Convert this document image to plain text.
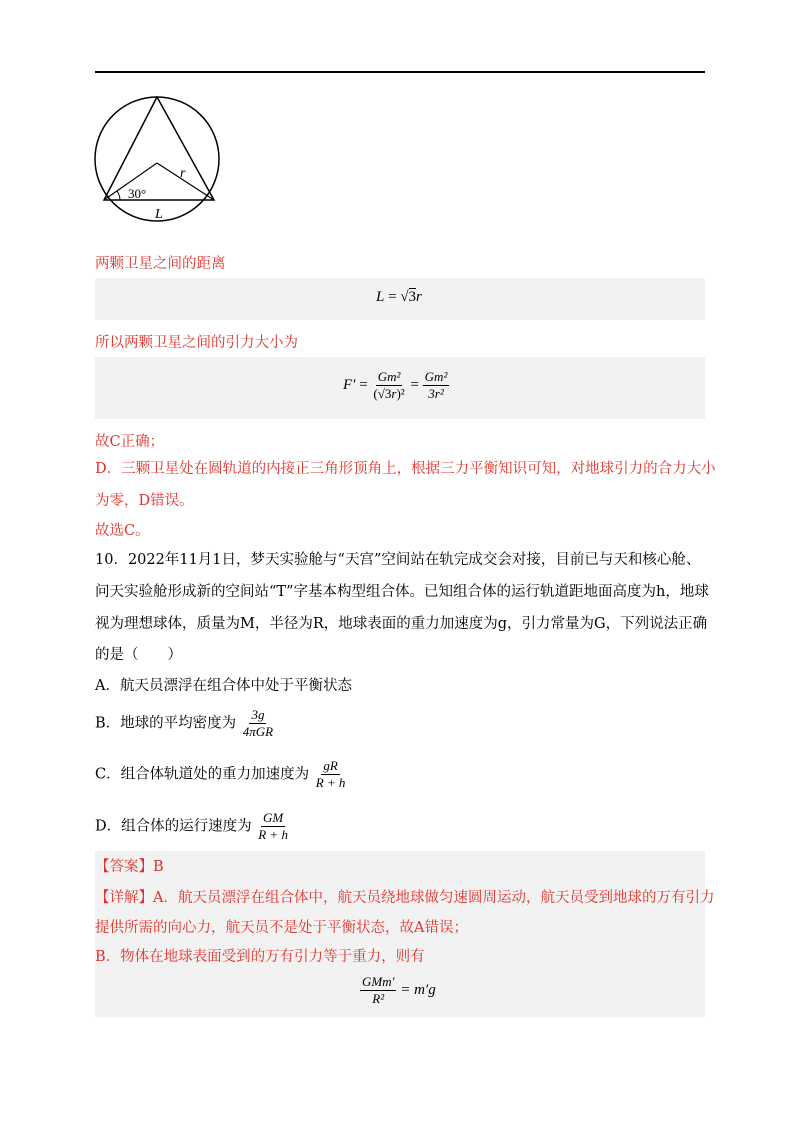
30°
r
L
两颗卫星之间的距离
L = √3r
所以两颗卫星之间的引力大小为
$F' = \frac{\text{Gm²}}{\text{(√3r)²}} = \frac{\text{Gm²}}{\text{3r²}}$
故C正确；
D．三颗卫星处在圆轨道的内接正三角形顶角上，根据三力平衡知识可知，对地球引力的合力大小
为零，D错误。
故选C。
10．2022年11月1日，梦天实验舱与“天宫”空间站在轨完成交会对接，目前已与天和核心舱、
问天实验舱形成新的空间站“T”字基本构型组合体。已知组合体的运行轨道距地面高度为h，地球
视为理想球体，质量为M，半径为R，地球表面的重力加速度为g，引力常量为G，下列说法正确
的是（　　）
A．航天员漂浮在组合体中处于平衡状态
B．地球的平均密度为 $\frac{3g}{\text{4πGR}}$
C．组合体轨道处的重力加速度为 $\frac{gR}{R + h}$
D．组合体的运行速度为 $\frac{GM}{R + h}$
【答案】B
【详解】A．航天员漂浮在组合体中，航天员绕地球做匀速圆周运动，航天员受到地球的万有引力
提供所需的向心力，航天员不是处于平衡状态，故A错误；
B．物体在地球表面受到的万有引力等于重力，则有
$\frac{\text{GMm′}}{\text{R²}} = m'g$
